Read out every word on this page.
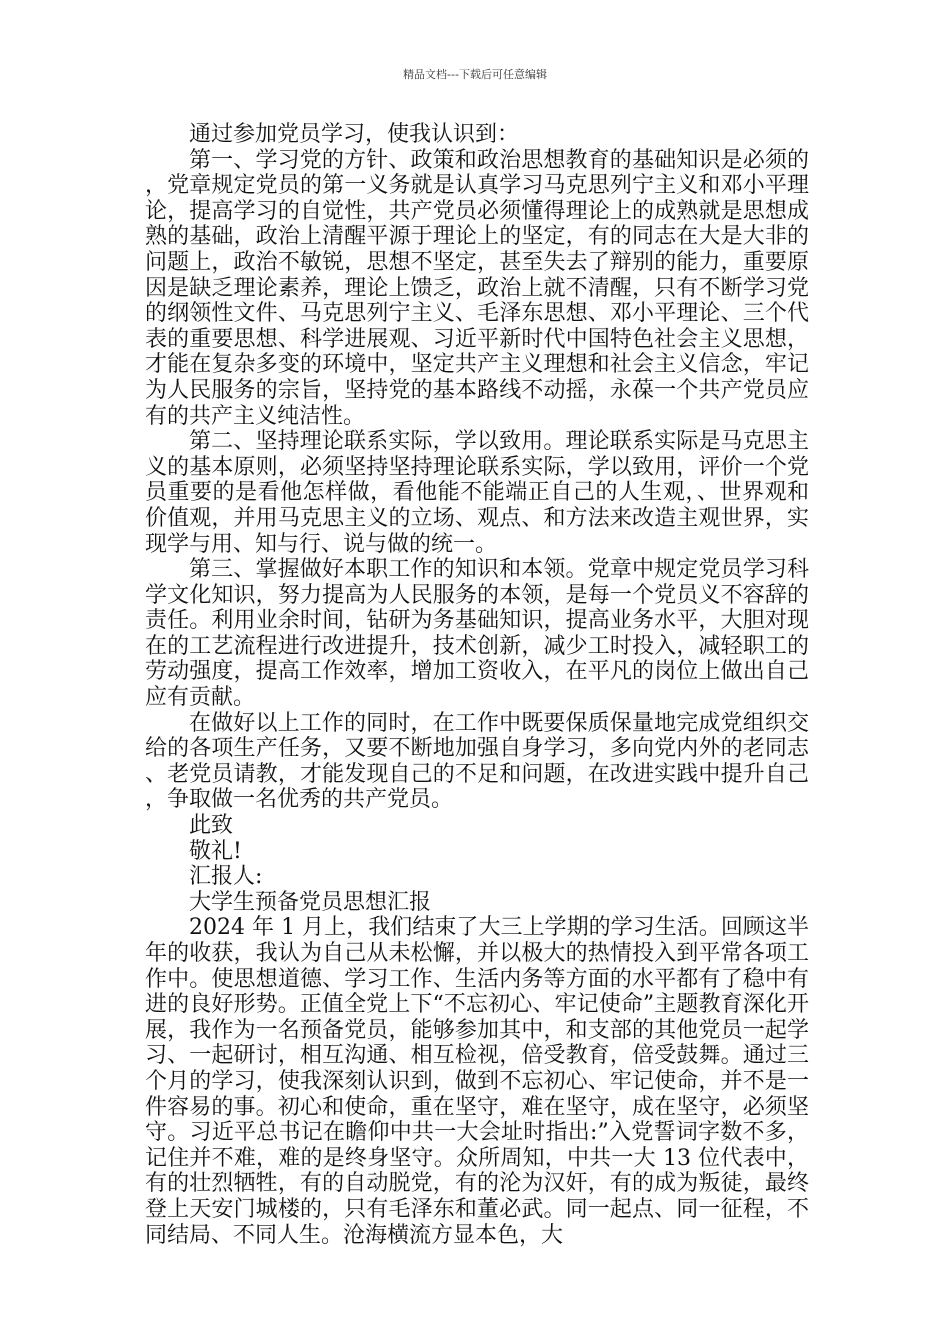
精品文档---下载后可任意编辑

通过参加党员学习，使我认识到：

第一、学习党的方针、政策和政治思想教育的基础知识是必须的，党章规定党员的第一义务就是认真学习马克思列宁主义和邓小平理论，提高学习的自觉性，共产党员必须懂得理论上的成熟就是思想成熟的基础，政治上清醒平源于理论上的坚定，有的同志在大是大非的问题上，政治不敏锐，思想不坚定，甚至失去了辩别的能力，重要原因是缺乏理论素养，理论上馈乏，政治上就不清醒，只有不断学习党的纲领性文件、马克思列宁主义、毛泽东思想、邓小平理论、三个代表的重要思想、科学进展观、习近平新时代中国特色社会主义思想，才能在复杂多变的环境中，坚定共产主义理想和社会主义信念，牢记为人民服务的宗旨，坚持党的基本路线不动摇，永葆一个共产党员应有的共产主义纯洁性。

第二、坚持理论联系实际，学以致用。理论联系实际是马克思主义的基本原则，必须坚持坚持理论联系实际，学以致用，评价一个党员重要的是看他怎样做，看他能不能端正自己的人生观，、世界观和价值观，并用马克思主义的立场、观点、和方法来改造主观世界，实现学与用、知与行、说与做的统一。

第三、掌握做好本职工作的知识和本领。党章中规定党员学习科学文化知识，努力提高为人民服务的本领，是每一个党员义不容辞的责任。利用业余时间，钻研为务基础知识，提高业务水平，大胆对现在的工艺流程进行改进提升，技术创新，减少工时投入，减轻职工的劳动强度，提高工作效率，增加工资收入，在平凡的岗位上做出自己应有贡献。

在做好以上工作的同时，在工作中既要保质保量地完成党组织交给的各项生产任务，又要不断地加强自身学习，多向党内外的老同志、老党员请教，才能发现自己的不足和问题，在改进实践中提升自己，争取做一名优秀的共产党员。

此致

敬礼!

汇报人:

大学生预备党员思想汇报

2024 年 1 月上，我们结束了大三上学期的学习生活。回顾这半年的收获，我认为自己从未松懈，并以极大的热情投入到平常各项工作中。使思想道德、学习工作、生活内务等方面的水平都有了稳中有进的良好形势。正值全党上下“不忘初心、牢记使命”主题教育深化开展，我作为一名预备党员，能够参加其中，和支部的其他党员一起学习、一起研讨，相互沟通、相互检视，倍受教育，倍受鼓舞。通过三个月的学习，使我深刻认识到，做到不忘初心、牢记使命，并不是一件容易的事。初心和使命，重在坚守，难在坚守，成在坚守，必须坚守。习近平总书记在瞻仰中共一大会址时指出:”入党誓词字数不多，记住并不难，难的是终身坚守。众所周知，中共一大 13 位代表中，有的壮烈牺牲，有的自动脱党，有的沦为汉奸，有的成为叛徒，最终登上天安门城楼的，只有毛泽东和董必武。同一起点、同一征程，不同结局、不同人生。沧海横流方显本色，大
